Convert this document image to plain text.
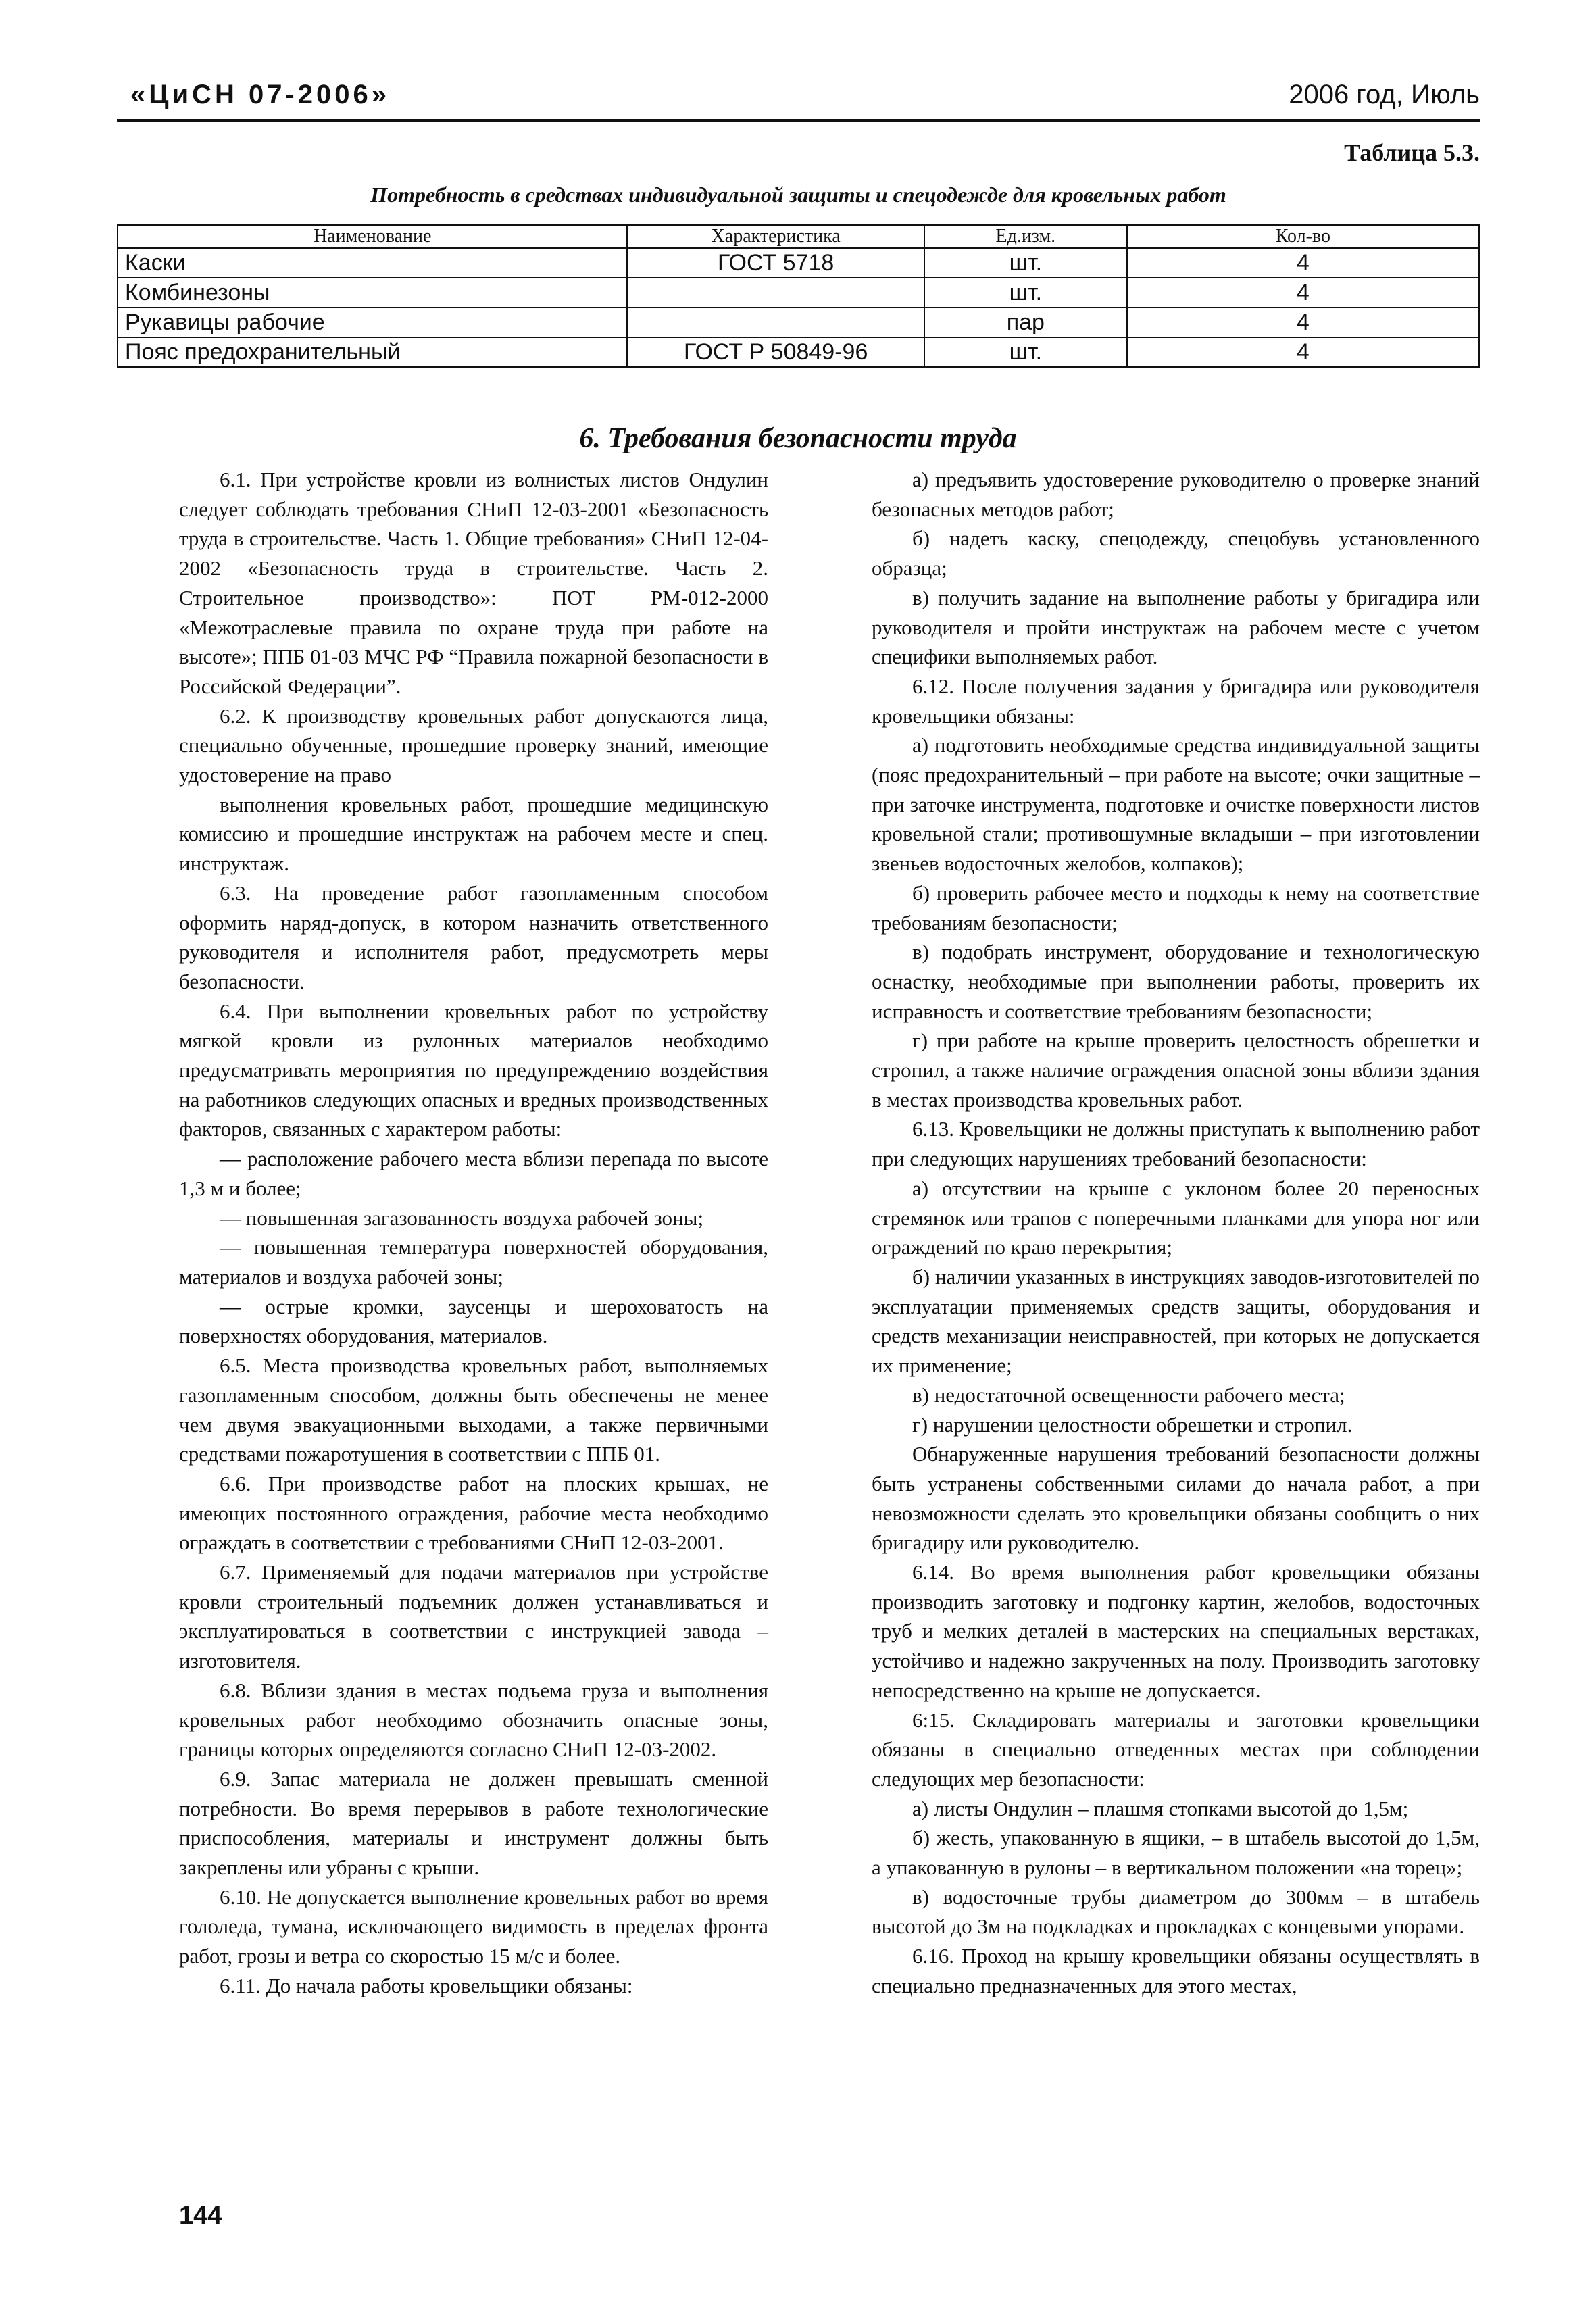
«ЦиСН 07-2006»	2006 год, Июль
Таблица 5.3.
Потребность в средствах индивидуальной защиты и спецодежде для кровельных работ
Наименование	Характеристика	Ед.изм.	Кол-во
Каски	ГОСТ 5718	шт.	4
Комбинезоны		шт.	4
Рукавицы рабочие		пар	4
Пояс предохранительный	ГОСТ Р 50849-96	шт.	4
6. Требования безопасности труда

6.1. При устройстве кровли из волнистых листов Ондулин следует соблюдать требования СНиП 12-03-2001 «Безопасность труда в строительстве. Часть 1. Общие требования» СНиП 12-04-2002 «Безопасность труда в строительстве. Часть 2. Строительное производство»: ПОТ РМ-012-2000 «Межотраслевые правила по охране труда при работе на высоте»; ППБ 01-03 МЧС РФ “Правила пожарной безопасности в Российской Федерации”.

6.2. К производству кровельных работ допускаются лица, специально обученные, прошедшие проверку знаний, имеющие удостоверение на право

выполнения кровельных работ, прошедшие медицинскую комиссию и прошедшие инструктаж на рабочем месте и спец. инструктаж.

6.3. На проведение работ газопламенным способом оформить наряд-допуск, в котором назначить ответственного руководителя и исполнителя работ, предусмотреть меры безопасности.

6.4. При выполнении кровельных работ по устройству мягкой кровли из рулонных материалов необходимо предусматривать мероприятия по предупреждению воздействия на работников следующих опасных и вредных производственных факторов, связанных с характером работы:

— расположение рабочего места вблизи перепада по высоте 1,3 м и более;

— повышенная загазованность воздуха рабочей зоны;

— повышенная температура поверхностей оборудования, материалов и воздуха рабочей зоны;

— острые кромки, заусенцы и шероховатость на поверхностях оборудования, материалов.

6.5. Места производства кровельных работ, выполняемых газопламенным способом, должны быть обеспечены не менее чем двумя эвакуационными выходами, а также первичными средствами пожаротушения в соответствии с ППБ 01.

6.6. При производстве работ на плоских крышах, не имеющих постоянного ограждения, рабочие места необходимо ограждать в соответствии с требованиями СНиП 12-03-2001.

6.7. Применяемый для подачи материалов при устройстве кровли строительный подъемник должен устанавливаться и эксплуатироваться в соответствии с инструкцией завода – изготовителя.

6.8. Вблизи здания в местах подъема груза и выполнения кровельных работ необходимо обозначить опасные зоны, границы которых определяются согласно СНиП 12-03-2002.

6.9. Запас материала не должен превышать сменной потребности. Во время перерывов в работе технологические приспособления, материалы и инструмент должны быть закреплены или убраны с крыши.

6.10. Не допускается выполнение кровельных работ во время гололеда, тумана, исключающего видимость в пределах фронта работ, грозы и ветра со скоростью 15 м/с и более.

6.11. До начала работы кровельщики обязаны:

а) предъявить удостоверение руководителю о проверке знаний безопасных методов работ;

б) надеть каску, спецодежду, спецобувь установленного образца;

в) получить задание на выполнение работы у бригадира или руководителя и пройти инструктаж на рабочем месте с учетом специфики выполняемых работ.

6.12. После получения задания у бригадира или руководителя кровельщики обязаны:

а) подготовить необходимые средства индивидуальной защиты (пояс предохранительный – при работе на высоте; очки защитные – при заточке инструмента, подготовке и очистке поверхности листов кровельной стали; противошумные вкладыши – при изготовлении звеньев водосточных желобов, колпаков);

б) проверить рабочее место и подходы к нему на соответствие требованиям безопасности;

в) подобрать инструмент, оборудование и технологическую оснастку, необходимые при выполнении работы, проверить их исправность и соответствие требованиям безопасности;

г) при работе на крыше проверить целостность обрешетки и стропил, а также наличие ограждения опасной зоны вблизи здания в местах производства кровельных работ.

6.13. Кровельщики не должны приступать к выполнению работ при следующих нарушениях требований безопасности:

а) отсутствии на крыше с уклоном более 20 переносных стремянок или трапов с поперечными планками для упора ног или ограждений по краю перекрытия;

б) наличии указанных в инструкциях заводов-изготовителей по эксплуатации применяемых средств защиты, оборудования и средств механизации неисправностей, при которых не допускается их применение;

в) недостаточной освещенности рабочего места;

г) нарушении целостности обрешетки и стропил.

Обнаруженные нарушения требований безопасности должны быть устранены собственными силами до начала работ, а при невозможности сделать это кровельщики обязаны сообщить о них бригадиру или руководителю.

6.14. Во время выполнения работ кровельщики обязаны производить заготовку и подгонку картин, желобов, водосточных труб и мелких деталей в мастерских на специальных верстаках, устойчиво и надежно закрученных на полу. Производить заготовку непосредственно на крыше не допускается.

6:15. Складировать материалы и заготовки кровельщики обязаны в специально отведенных местах при соблюдении следующих мер безопасности:

а) листы Ондулин – плашмя стопками высотой до 1,5м;

б) жесть, упакованную в ящики, – в штабель высотой до 1,5м, а упакованную в рулоны – в вертикальном положении «на торец»;

в) водосточные трубы диаметром до 300мм – в штабель высотой до 3м на подкладках и прокладках с концевыми упорами.

6.16. Проход на крышу кровельщики обязаны осуществлять в специально предназначенных для этого местах,

144
